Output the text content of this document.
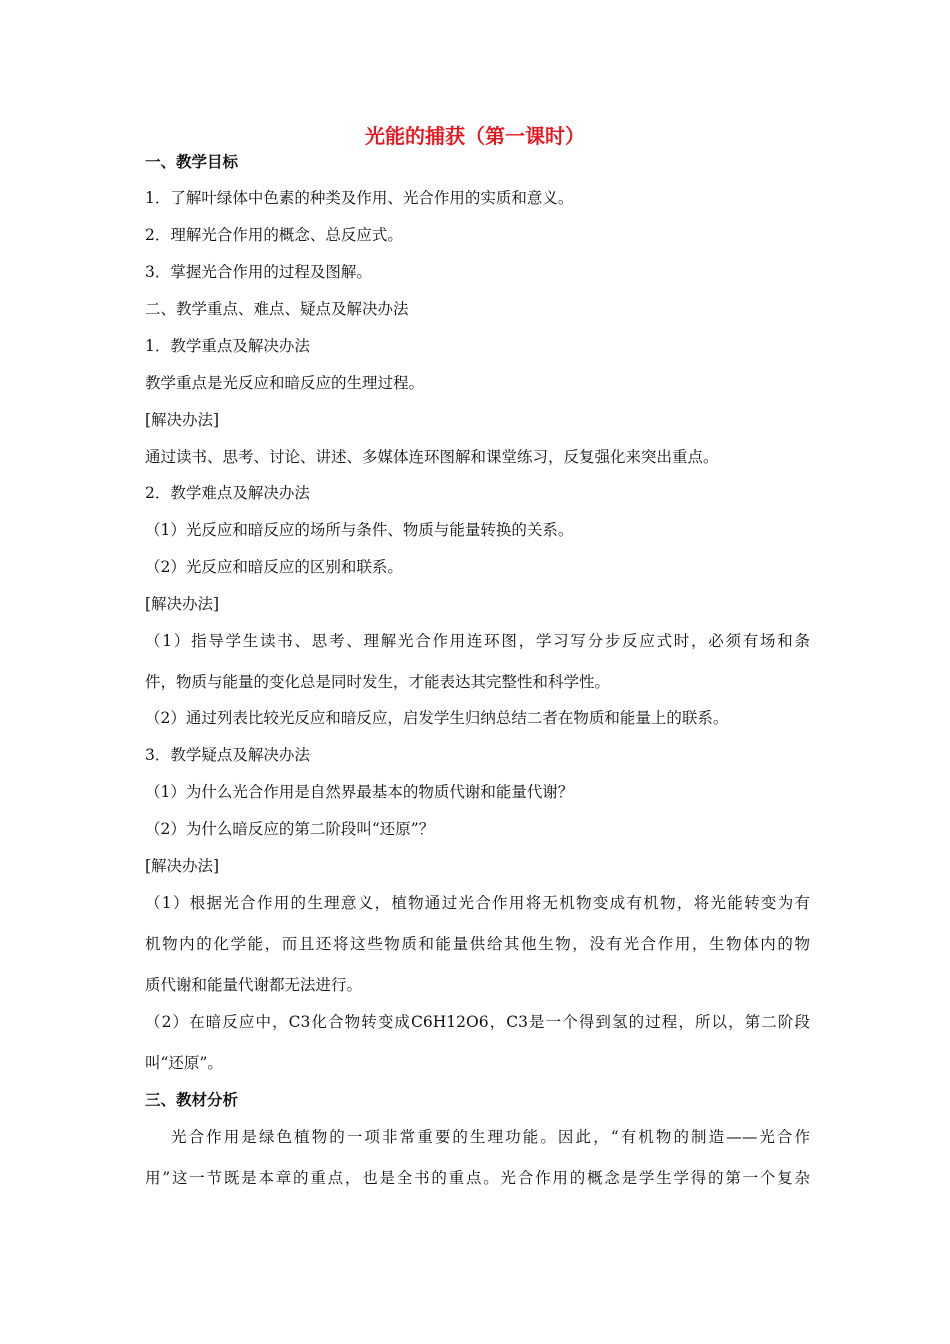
光能的捕获（第一课时）
一、教学目标
1．了解叶绿体中色素的种类及作用、光合作用的实质和意义。
2．理解光合作用的概念、总反应式。
3．掌握光合作用的过程及图解。
二、教学重点、难点、疑点及解决办法
1．教学重点及解决办法
教学重点是光反应和暗反应的生理过程。
[解决办法]
通过读书、思考、讨论、讲述、多媒体连环图解和课堂练习，反复强化来突出重点。
2．教学难点及解决办法
（1）光反应和暗反应的场所与条件、物质与能量转换的关系。
（2）光反应和暗反应的区别和联系。
[解决办法]
（1）指导学生读书、思考、理解光合作用连环图，学习写分步反应式时，必须有场和条
件，物质与能量的变化总是同时发生，才能表达其完整性和科学性。
（2）通过列表比较光反应和暗反应，启发学生归纳总结二者在物质和能量上的联系。
3．教学疑点及解决办法
（1）为什么光合作用是自然界最基本的物质代谢和能量代谢？
（2）为什么暗反应的第二阶段叫“还原”？
[解决办法]
（1）根据光合作用的生理意义，植物通过光合作用将无机物变成有机物，将光能转变为有
机物内的化学能，而且还将这些物质和能量供给其他生物，没有光合作用，生物体内的物
质代谢和能量代谢都无法进行。
（2）在暗反应中，C3化合物转变成C6H12O6，C3是一个得到氢的过程，所以，第二阶段
叫“还原”。
三、教材分析
光合作用是绿色植物的一项非常重要的生理功能。因此，“有机物的制造——光合作
用”这一节既是本章的重点，也是全书的重点。光合作用的概念是学生学得的第一个复杂
